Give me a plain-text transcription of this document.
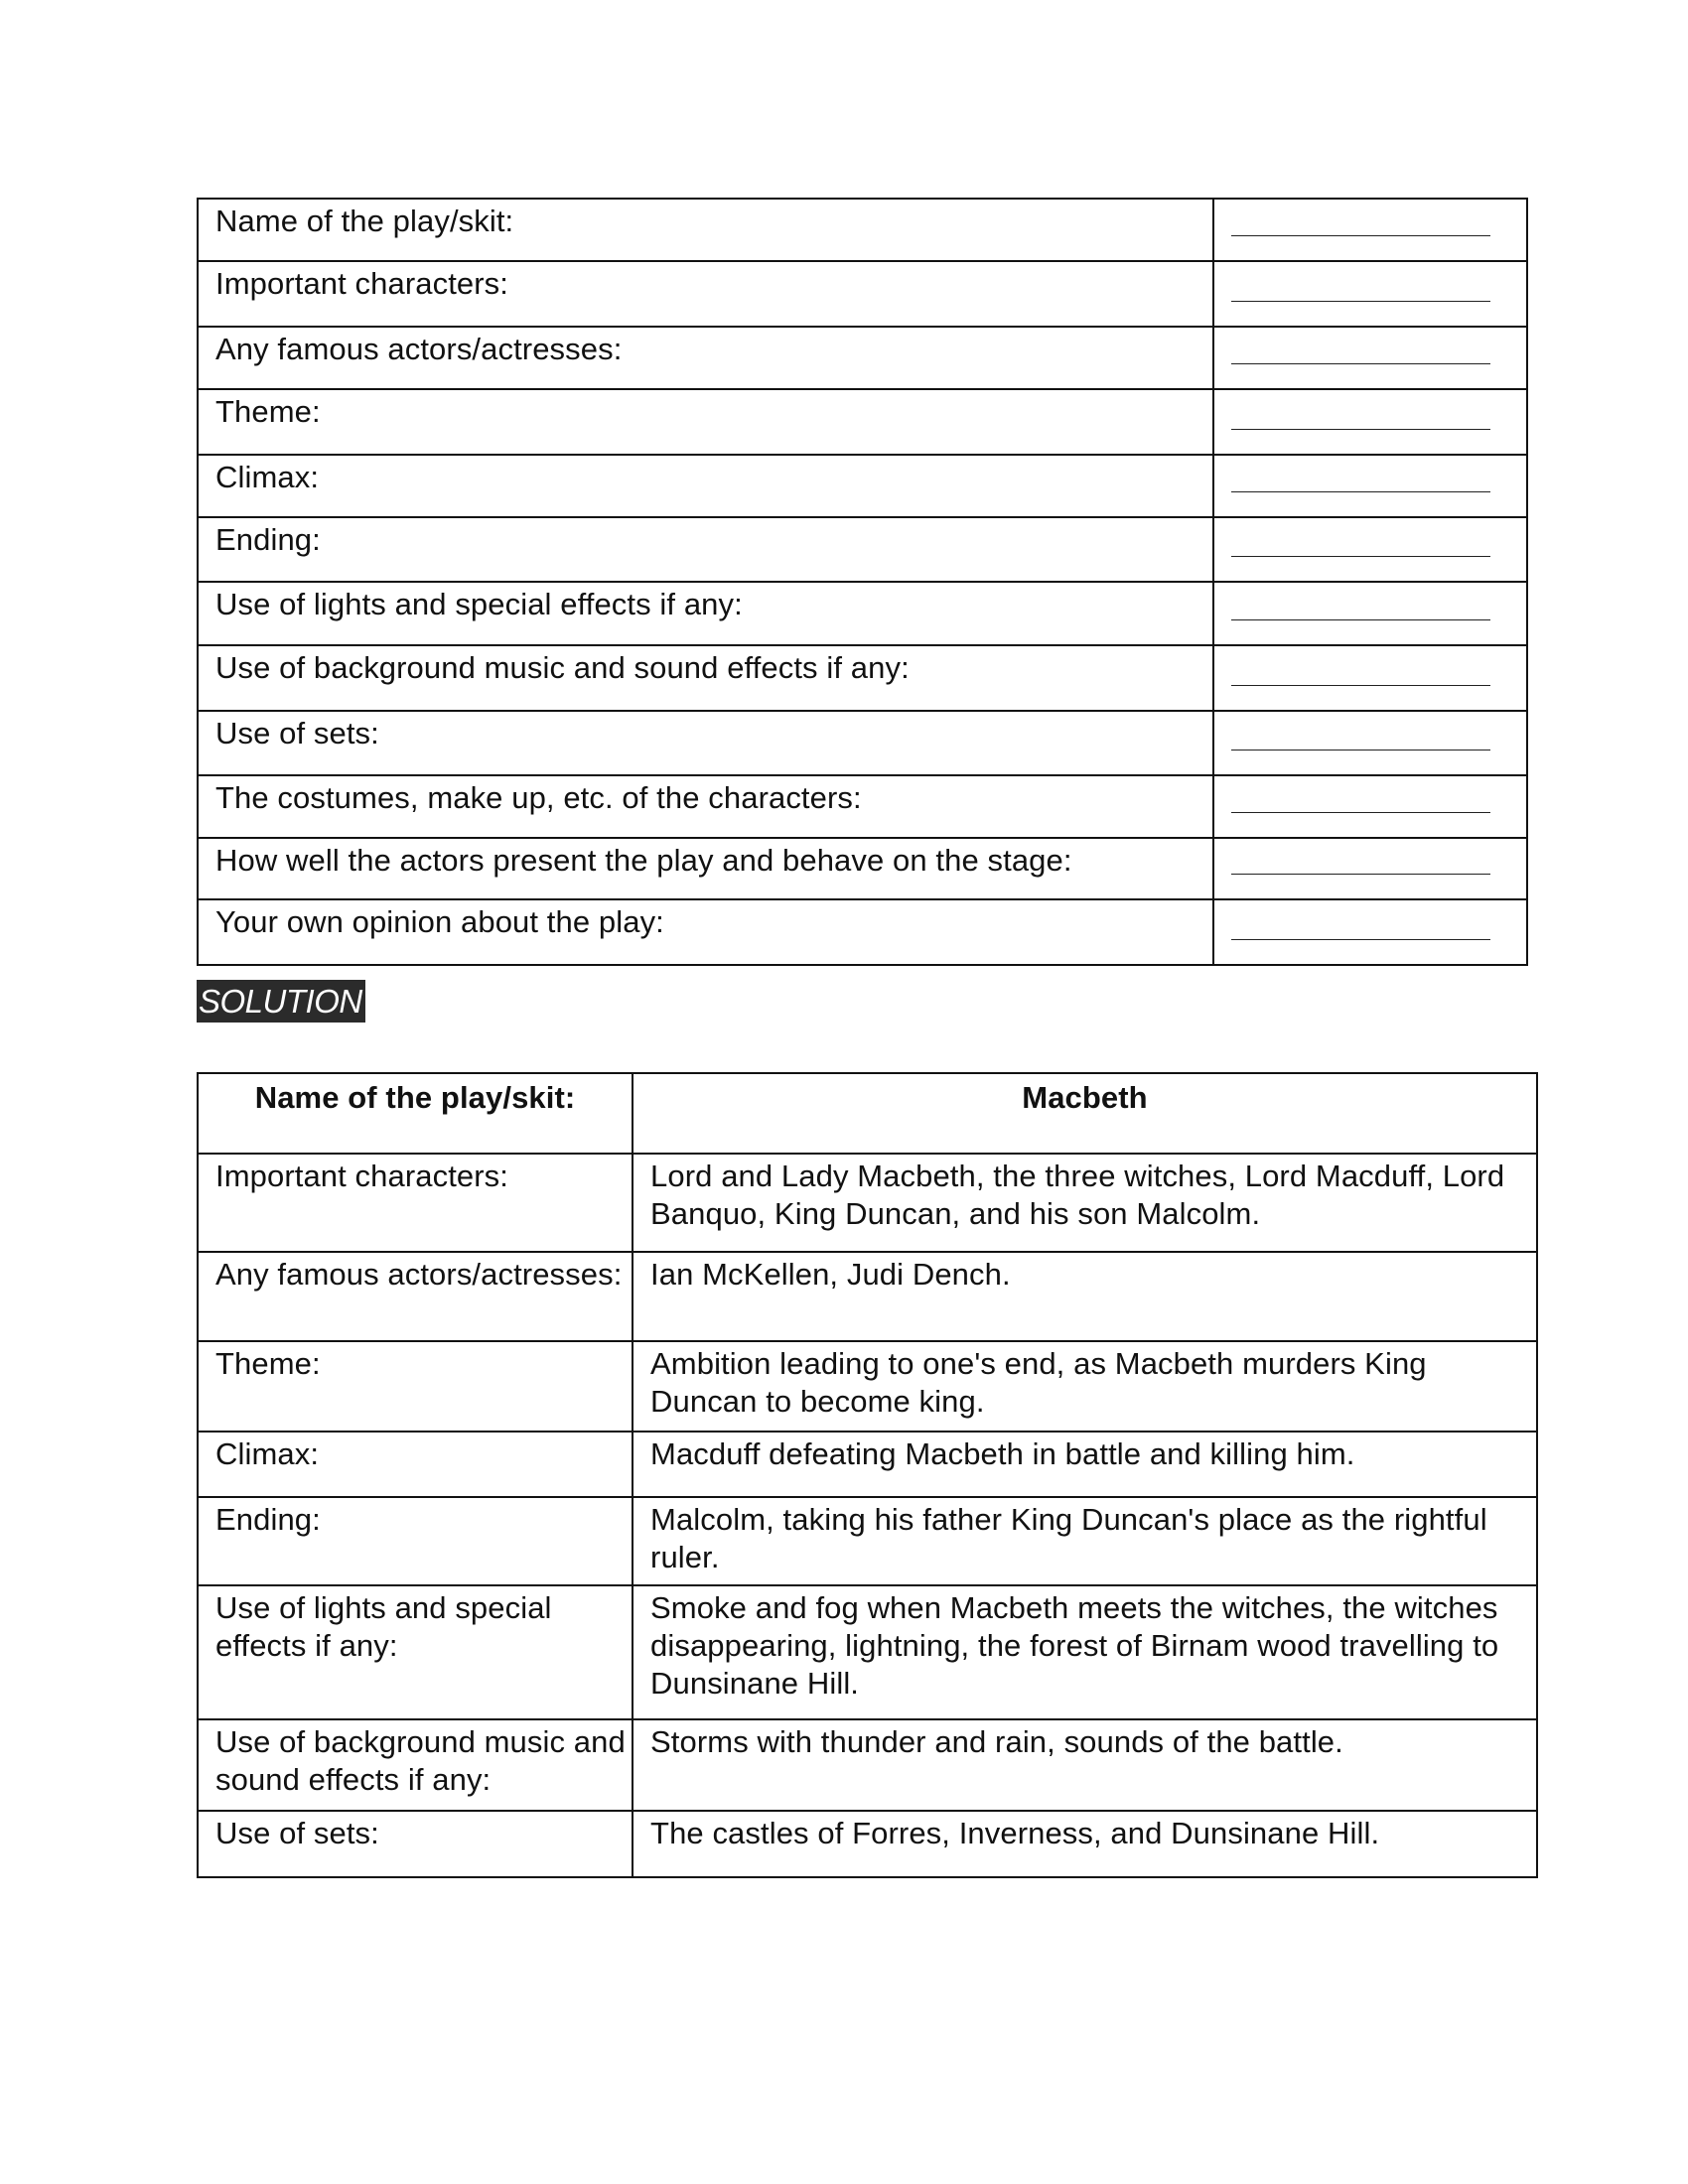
Name of the play/skit:	

Important characters:	

Any famous actors/actresses:	

Theme:	

Climax:	

Ending:	

Use of lights and special effects if any:	

Use of background music and sound effects if any:	

Use of sets:	

The costumes, make up, etc. of the characters:	

How well the actors present the play and behave on the stage:	

Your own opinion about the play:	
SOLUTION
Name of the play/skit:	Macbeth
Important characters:	Lord and Lady Macbeth, the three witches, Lord Macduff, Lord Banquo, King Duncan, and his son Malcolm.
Any famous actors/actresses:	Ian McKellen, Judi Dench.
Theme:	Ambition leading to one's end, as Macbeth murders King Duncan to become king.
Climax:	Macduff defeating Macbeth in battle and killing him.
Ending:	Malcolm, taking his father King Duncan's place as the rightful ruler.
Use of lights and special effects if any:	Smoke and fog when Macbeth meets the witches, the witches disappearing, lightning, the forest of Birnam wood travelling to Dunsinane Hill.
Use of background music and sound effects if any:	Storms with thunder and rain, sounds of the battle.
Use of sets:	The castles of Forres, Inverness, and Dunsinane Hill.
